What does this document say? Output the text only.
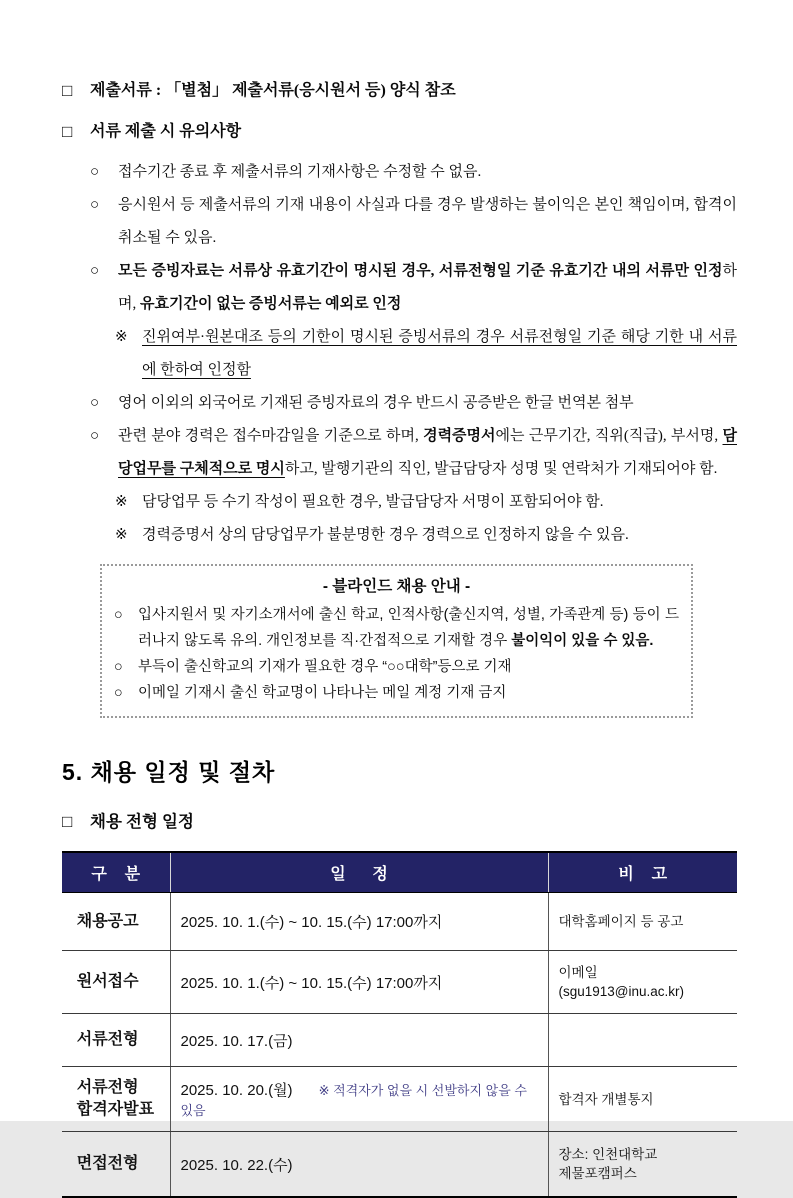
□	제출서류 : 「별첨」 제출서류(응시원서 등) 양식 참조
□	서류 제출 시 유의사항
○	접수기간 종료 후 제출서류의 기재사항은 수정할 수 없음.
○	응시원서 등 제출서류의 기재 내용이 사실과 다를 경우 발생하는 불이익은 본인 책임이며, 합격이 취소될 수 있음.
○	모든 증빙자료는 서류상 유효기간이 명시된 경우, 서류전형일 기준 유효기간 내의 서류만 인정하며, 유효기간이 없는 증빙서류는 예외로 인정
※ 진위여부·원본대조 등의 기한이 명시된 증빙서류의 경우 서류전형일 기준 해당 기한 내 서류에 한하여 인정함
○	영어 이외의 외국어로 기재된 증빙자료의 경우 반드시 공증받은 한글 번역본 첨부
○	관련 분야 경력은 접수마감일을 기준으로 하며, 경력증명서에는 근무기간, 직위(직급), 부서명, 담당업무를 구체적으로 명시하고, 발행기관의 직인, 발급담당자 성명 및 연락처가 기재되어야 함.
※ 담당업무 등 수기 작성이 필요한 경우, 발급담당자 서명이 포함되어야 함.
※ 경력증명서 상의 담당업무가 불분명한 경우 경력으로 인정하지 않을 수 있음.
- 블라인드 채용 안내 -
○	입사지원서 및 자기소개서에 출신 학교, 인적사항(출신지역, 성별, 가족관계 등) 등이 드러나지 않도록 유의. 개인정보를 직·간접적으로 기재할 경우 불이익이 있을 수 있음.
○	부득이 출신학교의 기재가 필요한 경우 “○○대학”등으로 기재
○	이메일 기재시 출신 학교명이 나타나는 메일 계정 기재 금지
5. 채용 일정 및 절차
□	채용 전형 일정
구    분	일      정	비    고

채용공고	2025. 10. 1.(수) ~ 10. 15.(수) 17:00까지	대학홈페이지 등 공고

원서접수	2025. 10. 1.(수) ~ 10. 15.(수) 17:00까지	이메일
(sgu1913@inu.ac.kr)

서류전형	2025. 10. 17.(금)	

서류전형
합격자발표	2025. 10. 20.(월) ※ 적격자가 없을 시 선발하지 않을 수 있음	합격자 개별통지

면접전형	2025. 10. 22.(수)	장소: 인천대학교
제물포캠퍼스
